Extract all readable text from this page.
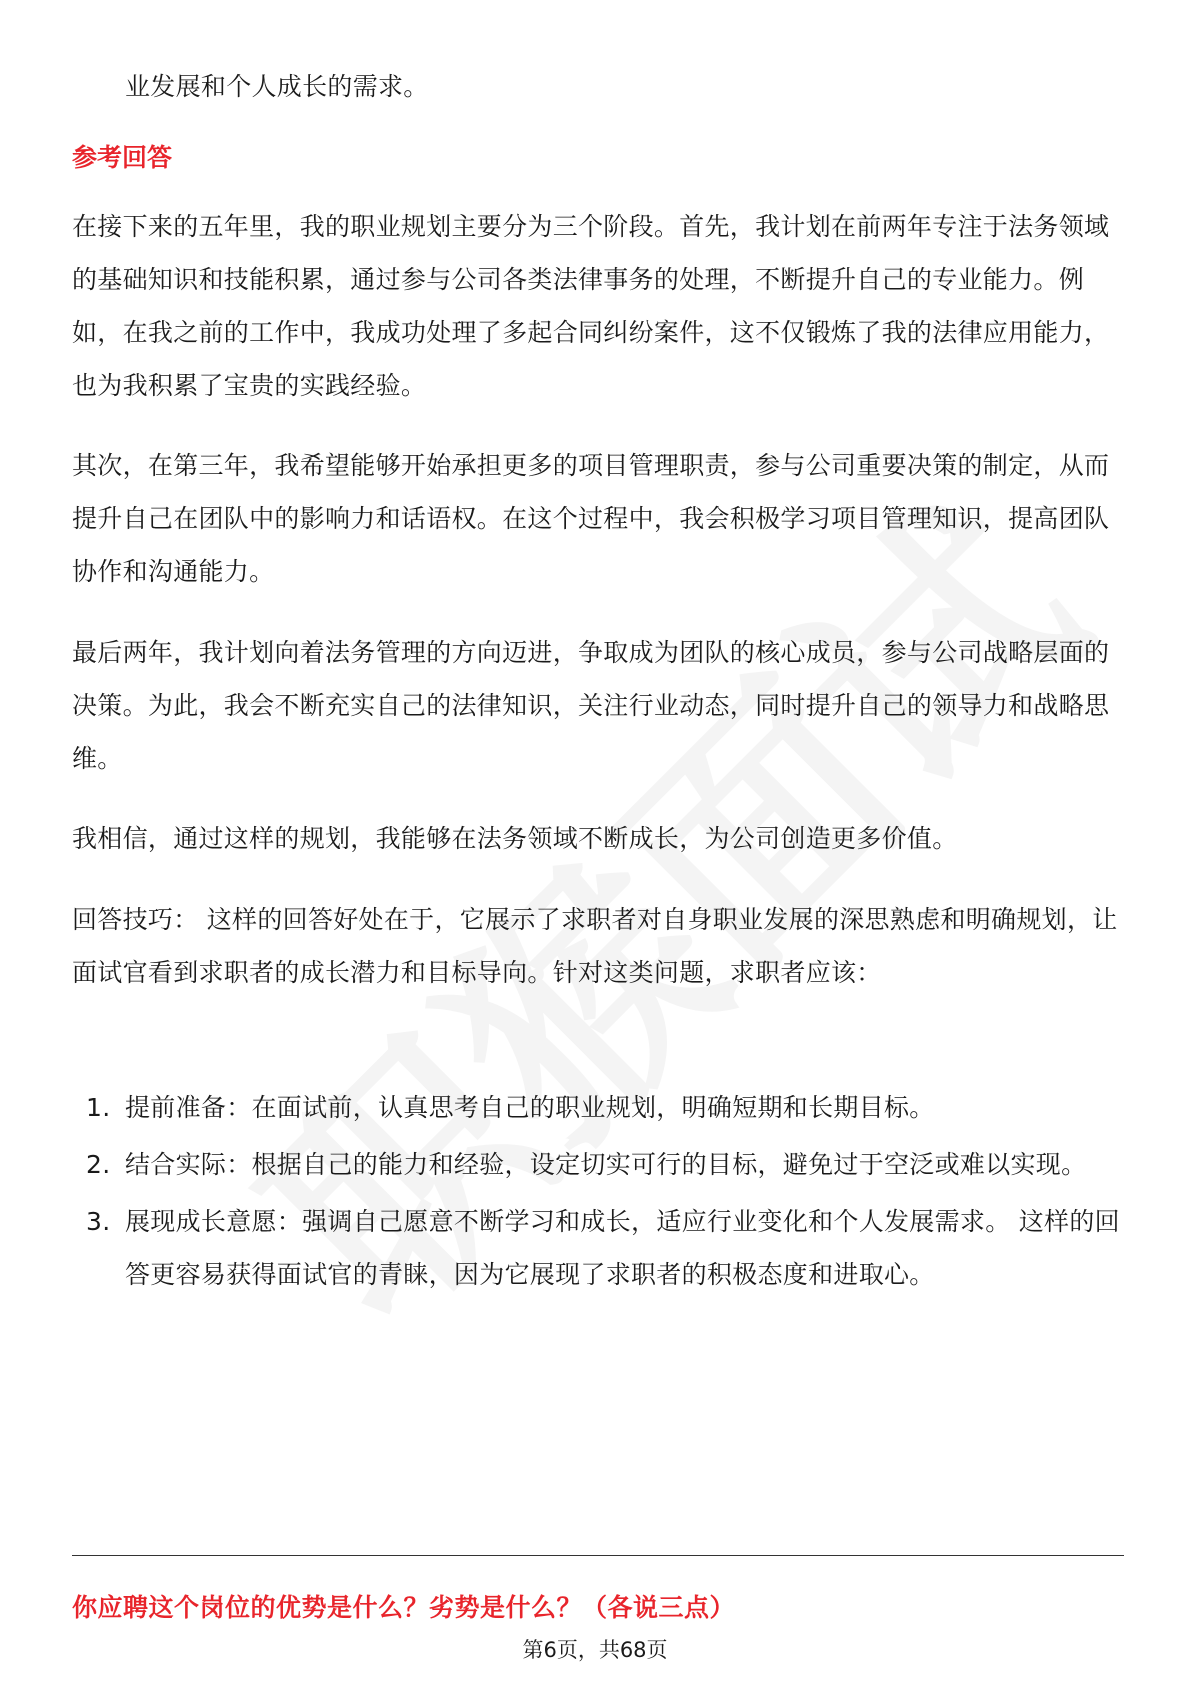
业发展和个人成长的需求。

参考回答

在接下来的五年里，我的职业规划主要分为三个阶段。首先，我计划在前两年专注于法务领域的基础知识和技能积累，通过参与公司各类法律事务的处理，不断提升自己的专业能力。例如，在我之前的工作中，我成功处理了多起合同纠纷案件，这不仅锻炼了我的法律应用能力，也为我积累了宝贵的实践经验。

其次，在第三年，我希望能够开始承担更多的项目管理职责，参与公司重要决策的制定，从而提升自己在团队中的影响力和话语权。在这个过程中，我会积极学习项目管理知识，提高团队协作和沟通能力。

最后两年，我计划向着法务管理的方向迈进，争取成为团队的核心成员，参与公司战略层面的决策。为此，我会不断充实自己的法律知识，关注行业动态，同时提升自己的领导力和战略思维。

我相信，通过这样的规划，我能够在法务领域不断成长，为公司创造更多价值。

回答技巧： 这样的回答好处在于，它展示了求职者对自身职业发展的深思熟虑和明确规划，让面试官看到求职者的成长潜力和目标导向。针对这类问题，求职者应该：

1. 提前准备：在面试前，认真思考自己的职业规划，明确短期和长期目标。
2. 结合实际：根据自己的能力和经验，设定切实可行的目标，避免过于空泛或难以实现。
3. 展现成长意愿：强调自己愿意不断学习和成长，适应行业变化和个人发展需求。 这样的回答更容易获得面试官的青睐，因为它展现了求职者的积极态度和进取心。

你应聘这个岗位的优势是什么？劣势是什么？（各说三点）

第6页，共68页
